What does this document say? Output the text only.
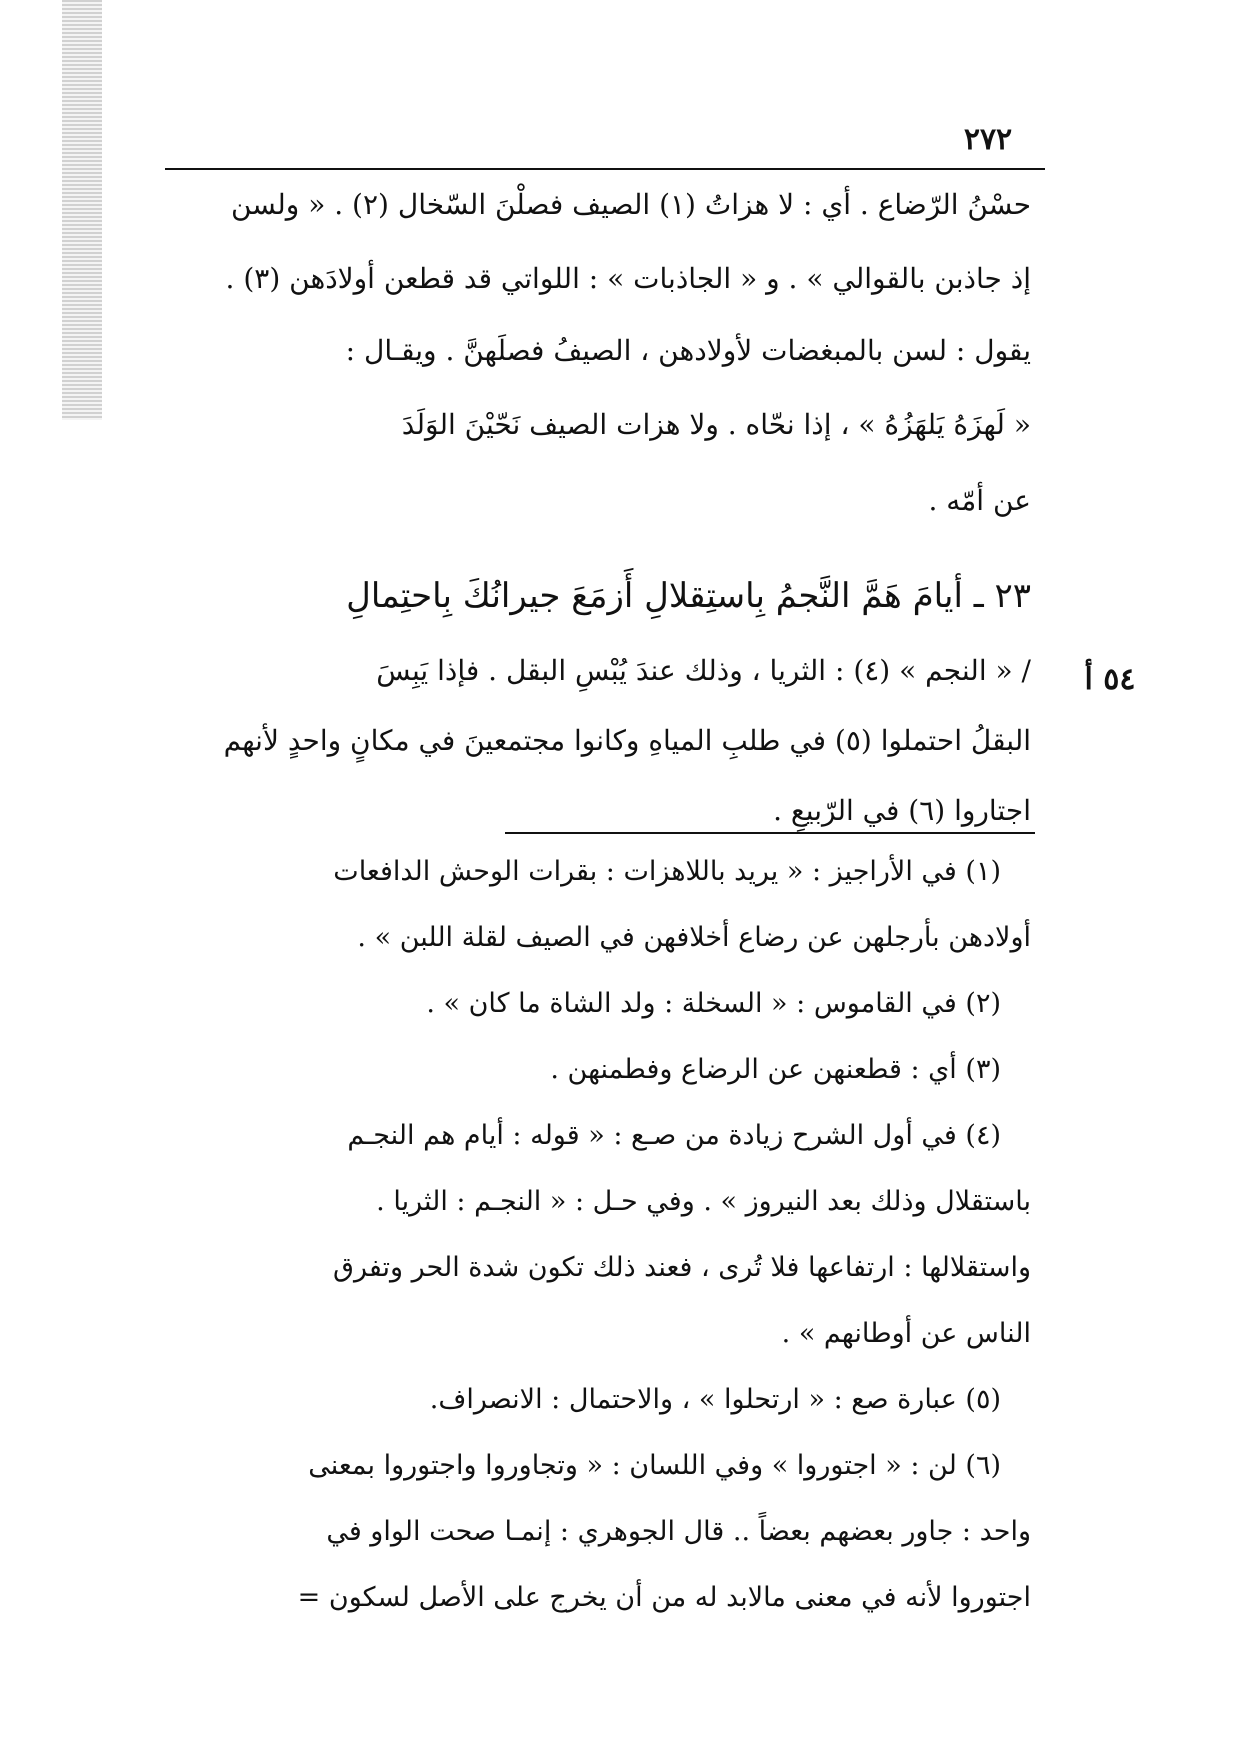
٢٧٢
حسْنُ الرّضاع . أي : لا هزاتُ (١) الصيف فصلْنَ السّخال (٢) . « ولسن
إذ جاذبن بالقوالي » . و « الجاذبات » : اللواتي قد قطعن أولادَهن (٣) .
يقول : لسن بالمبغضات لأولادهن ، الصيفُ فصلَهنَّ . ويقـال :
« لَهزَهُ يَلهَزُهُ » ، إذا نحّاه . ولا هزات الصيف نَحّيْنَ الوَلَدَ
عن أمّه .
٢٣ ـ أيامَ هَمَّ النَّجمُ بِاستِقلالِ أَزمَعَ جيرانُكَ بِاحتِمالِ
٥٤ أ
/ « النجم » (٤) : الثريا ، وذلك عندَ يُبْسِ البقل . فإذا يَبِسَ
البقلُ احتملوا (٥) في طلبِ المياهِ وكانوا مجتمعينَ في مكانٍ واحدٍ لأنهم
اجتاروا (٦) في الرّبيعِ .
(١) في الأراجيز : « يريد باللاهزات : بقرات الوحش الدافعات
أولادهن بأرجلهن عن رضاع أخلافهن في الصيف لقلة اللبن » .
(٢) في القاموس : « السخلة : ولد الشاة ما كان » .
(٣) أي : قطعنهن عن الرضاع وفطمنهن .
(٤) في أول الشرح زيادة من صـع : « قوله : أيام هم النجـم
باستقلال وذلك بعد النيروز » . وفي حـل : « النجـم : الثريا .
واستقلالها : ارتفاعها فلا تُرى ، فعند ذلك تكون شدة الحر وتفرق
الناس عن أوطانهم » .
(٥) عبارة صع : « ارتحلوا » ، والاحتمال : الانصراف.
(٦) لن : « اجتوروا » وفي اللسان : « وتجاوروا واجتوروا بمعنى
واحد : جاور بعضهم بعضاً .. قال الجوهري : إنمـا صحت الواو في
اجتوروا لأنه في معنى مالابد له من أن يخرج على الأصل لسكون =
